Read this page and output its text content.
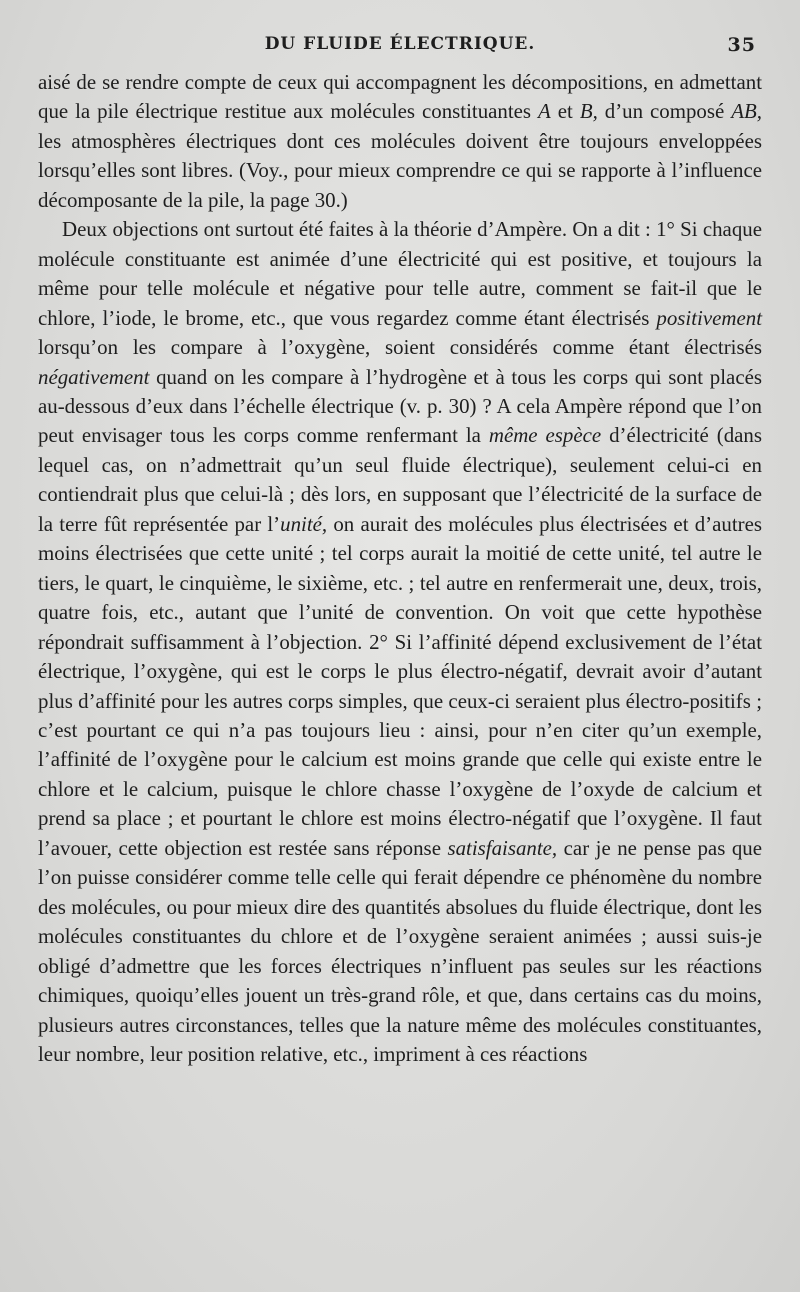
DU FLUIDE ÉLECTRIQUE.	35

aisé de se rendre compte de ceux qui accompagnent les décompositions, en admettant que la pile électrique restitue aux molécules constituantes A et B, d’un composé AB, les atmosphères électriques dont ces molécules doivent être toujours enveloppées lorsqu’elles sont libres. (Voy., pour mieux comprendre ce qui se rapporte à l’influence décomposante de la pile, la page 30.)

Deux objections ont surtout été faites à la théorie d’Ampère. On a dit : 1° Si chaque molécule constituante est animée d’une électricité qui est positive, et toujours la même pour telle molécule et négative pour telle autre, comment se fait-il que le chlore, l’iode, le brome, etc., que vous regardez comme étant électrisés positivement lorsqu’on les compare à l’oxygène, soient considérés comme étant électrisés négativement quand on les compare à l’hydrogène et à tous les corps qui sont placés au-dessous d’eux dans l’échelle électrique (v. p. 30) ? A cela Ampère répond que l’on peut envisager tous les corps comme renfermant la même espèce d’électricité (dans lequel cas, on n’admettrait qu’un seul fluide électrique), seulement celui-ci en contiendrait plus que celui-là ; dès lors, en supposant que l’électricité de la surface de la terre fût représentée par l’unité, on aurait des molécules plus électrisées et d’autres moins électrisées que cette unité ; tel corps aurait la moitié de cette unité, tel autre le tiers, le quart, le cinquième, le sixième, etc. ; tel autre en renfermerait une, deux, trois, quatre fois, etc., autant que l’unité de convention. On voit que cette hypothèse répondrait suffisamment à l’objection. 2° Si l’affinité dépend exclusivement de l’état électrique, l’oxygène, qui est le corps le plus électro-négatif, devrait avoir d’autant plus d’affinité pour les autres corps simples, que ceux-ci seraient plus électro-positifs ; c’est pourtant ce qui n’a pas toujours lieu : ainsi, pour n’en citer qu’un exemple, l’affinité de l’oxygène pour le calcium est moins grande que celle qui existe entre le chlore et le calcium, puisque le chlore chasse l’oxygène de l’oxyde de calcium et prend sa place ; et pourtant le chlore est moins électro-négatif que l’oxygène. Il faut l’avouer, cette objection est restée sans réponse satisfaisante, car je ne pense pas que l’on puisse considérer comme telle celle qui ferait dépendre ce phénomène du nombre des molécules, ou pour mieux dire des quantités absolues du fluide électrique, dont les molécules constituantes du chlore et de l’oxygène seraient animées ; aussi suis-je obligé d’admettre que les forces électriques n’influent pas seules sur les réactions chimiques, quoiqu’elles jouent un très-grand rôle, et que, dans certains cas du moins, plusieurs autres circonstances, telles que la nature même des molécules constituantes, leur nombre, leur position relative, etc., impriment à ces réactions
